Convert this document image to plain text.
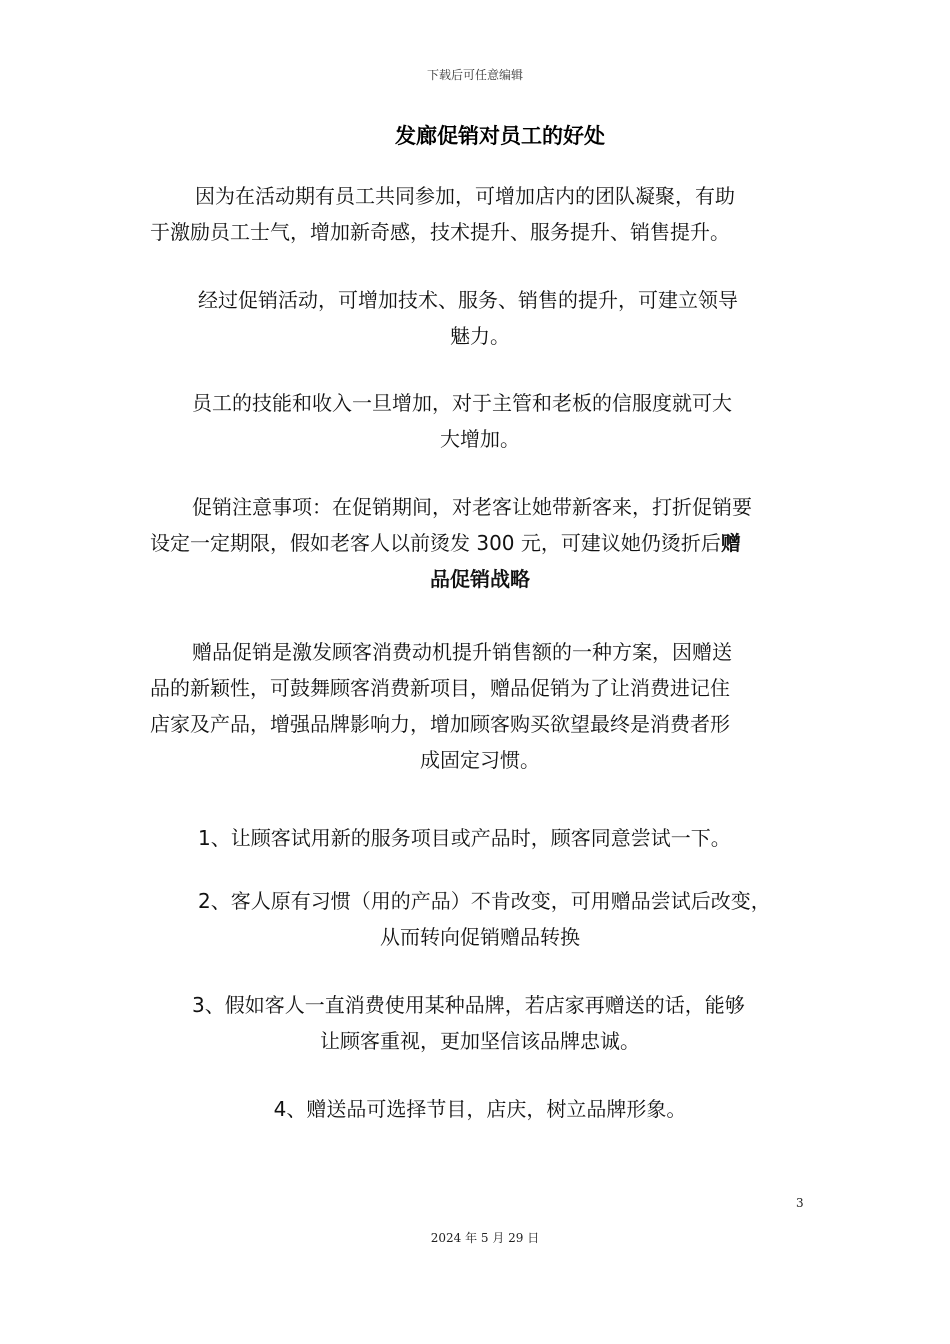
下载后可任意编辑
发廊促销对员工的好处
因为在活动期有员工共同参加，可增加店内的团队凝聚，有助
于激励员工士气，增加新奇感，技术提升、服务提升、销售提升。
经过促销活动，可增加技术、服务、销售的提升，可建立领导
魅力。
员工的技能和收入一旦增加，对于主管和老板的信服度就可大
大增加。
促销注意事项：在促销期间，对老客让她带新客来，打折促销要
设定一定期限，假如老客人以前烫发 300 元，可建议她仍烫折后赠
品促销战略
赠品促销是激发顾客消费动机提升销售额的一种方案，因赠送
品的新颖性，可鼓舞顾客消费新项目，赠品促销为了让消费进记住
店家及产品，增强品牌影响力，增加顾客购买欲望最终是消费者形
成固定习惯。
1、让顾客试用新的服务项目或产品时，顾客同意尝试一下。
2、客人原有习惯（用的产品）不肯改变，可用赠品尝试后改变，
从而转向促销赠品转换
3、假如客人一直消费使用某种品牌，若店家再赠送的话，能够
让顾客重视，更加坚信该品牌忠诚。
4、赠送品可选择节目，店庆，树立品牌形象。
3
2024 年 5 月 29 日
